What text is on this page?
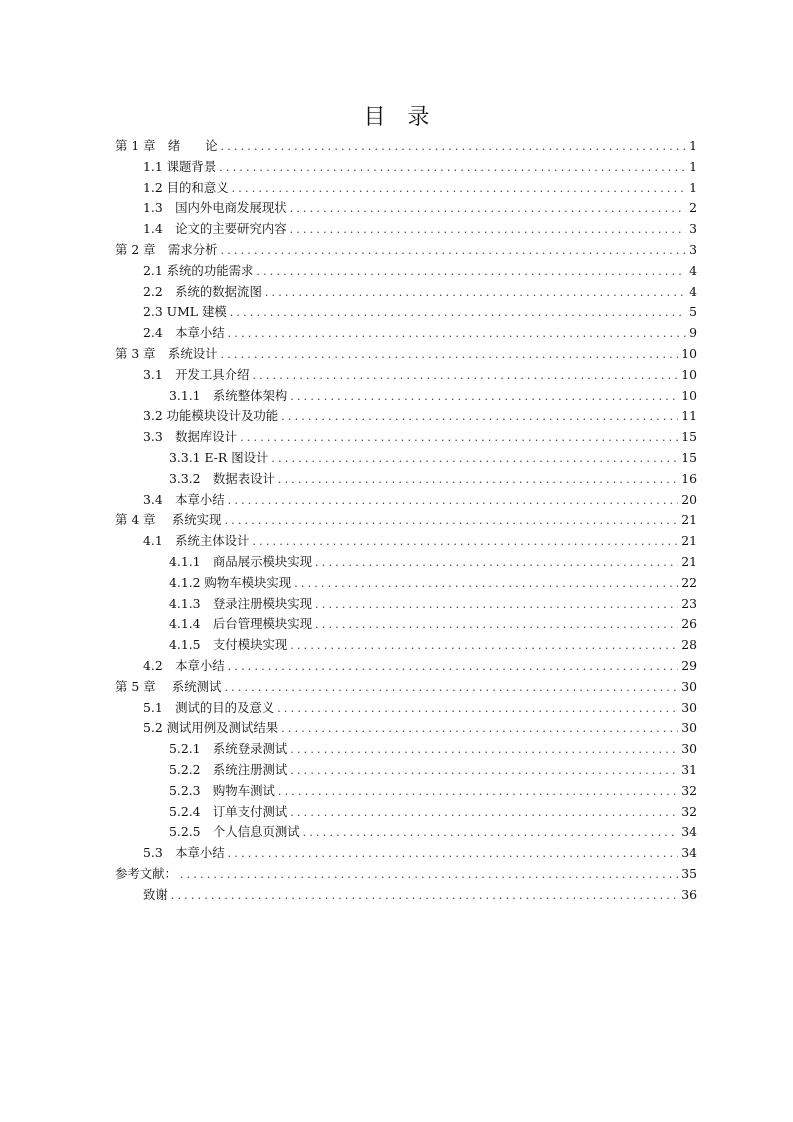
目 录
第 1 章　绪　　论 .....	1
1.1 课题背景 .....	1
1.2 目的和意义 .....	1
1.3　国内外电商发展现状 .....	2
1.4　论文的主要研究内容 .....	3
第 2 章　需求分析 .....	3
2.1 系统的功能需求 .....	4
2.2　系统的数据流图 .....	4
2.3 UML 建模 .....	5
2.4　本章小结 .....	9
第 3 章　系统设计 .....	10
3.1　开发工具介绍 .....	10
3.1.1　系统整体架构 .....	10
3.2 功能模块设计及功能 .....	11
3.3　数据库设计 .....	15
3.3.1 E-R 图设计 .....	15
3.3.2　数据表设计 .....	16
3.4　本章小结 .....	20
第 4 章　 系统实现 .....	21
4.1　系统主体设计 .....	21
4.1.1　商品展示模块实现 .....	21
4.1.2 购物车模块实现 .....	22
4.1.3　登录注册模块实现 .....	23
4.1.4　后台管理模块实现 .....	26
4.1.5　支付模块实现 .....	28
4.2　本章小结 .....	29
第 5 章　 系统测试 .....	30
5.1　测试的目的及意义 .....	30
5.2 测试用例及测试结果 .....	30
5.2.1　系统登录测试 .....	30
5.2.2　系统注册测试 .....	31
5.2.3　购物车测试 .....	32
5.2.4　订单支付测试 .....	32
5.2.5　个人信息页测试 .....	34
5.3　本章小结 .....	34
参考文献： .....	35
致谢 .....	36
